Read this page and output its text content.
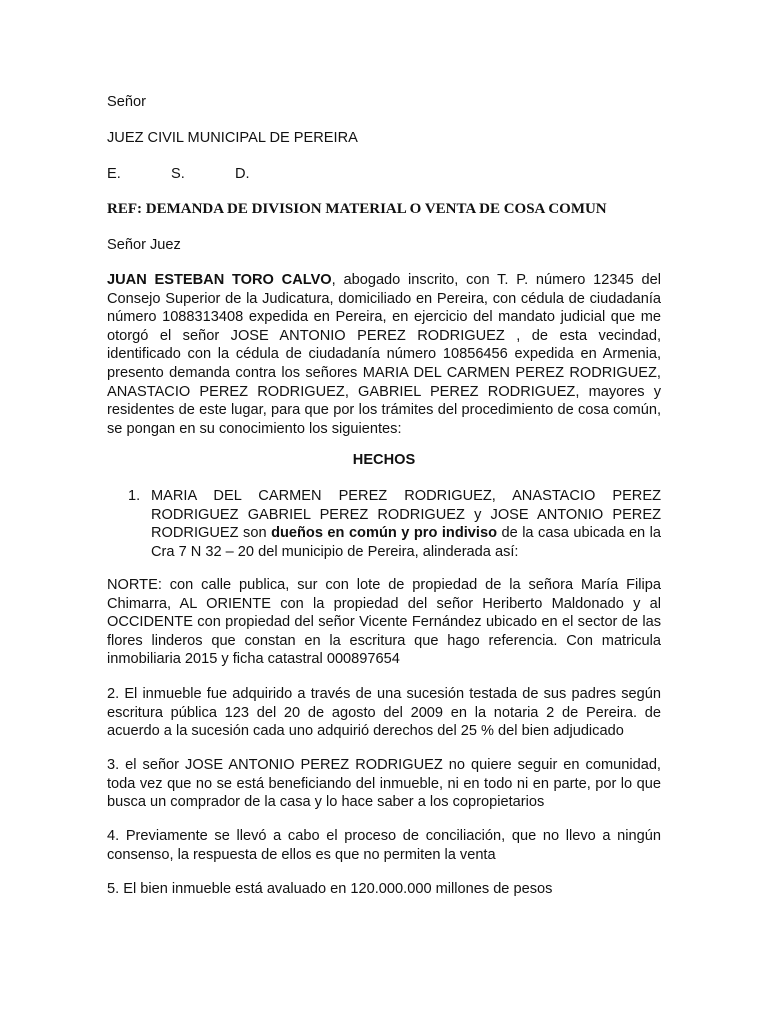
Señor
JUEZ CIVIL MUNICIPAL DE PEREIRA
E.	S.	D.
REF: DEMANDA DE DIVISION MATERIAL O VENTA DE COSA COMUN
Señor Juez
JUAN ESTEBAN TORO CALVO, abogado inscrito, con T. P. número 12345 del Consejo Superior de la Judicatura, domiciliado en Pereira, con cédula de ciudadanía número 1088313408 expedida en Pereira, en ejercicio del mandato judicial que me otorgó el señor JOSE ANTONIO PEREZ RODRIGUEZ , de esta vecindad, identificado con la cédula de ciudadanía número 10856456 expedida en Armenia, presento demanda contra los señores MARIA DEL CARMEN PEREZ RODRIGUEZ, ANASTACIO PEREZ RODRIGUEZ, GABRIEL PEREZ RODRIGUEZ, mayores y residentes de este lugar, para que por los trámites del procedimiento de cosa común, se pongan en su conocimiento los siguientes:
HECHOS
1. MARIA DEL CARMEN PEREZ RODRIGUEZ, ANASTACIO PEREZ RODRIGUEZ GABRIEL PEREZ RODRIGUEZ y JOSE ANTONIO PEREZ RODRIGUEZ son dueños en común y pro indiviso de la casa ubicada en la Cra 7 N 32 – 20 del municipio de Pereira, alinderada así:
NORTE: con calle publica, sur con lote de propiedad de la señora María Filipa Chimarra, AL ORIENTE con la propiedad del señor Heriberto Maldonado y al OCCIDENTE con propiedad del señor Vicente Fernández ubicado en el sector de las flores linderos que constan en la escritura que hago referencia. Con matricula inmobiliaria 2015 y ficha catastral 000897654
2. El inmueble fue adquirido a través de una sucesión testada de sus padres según escritura pública 123 del 20 de agosto del 2009 en la notaria 2 de Pereira. de acuerdo a la sucesión cada uno adquirió derechos del 25 % del bien adjudicado
3. el señor JOSE ANTONIO PEREZ RODRIGUEZ no quiere seguir en comunidad, toda vez que no se está beneficiando del inmueble, ni en todo ni en parte, por lo que busca un comprador de la casa y lo hace saber a los copropietarios
4. Previamente se llevó a cabo el proceso de conciliación, que no llevo a ningún consenso, la respuesta de ellos es que no permiten la venta
5. El bien inmueble está avaluado en 120.000.000 millones de pesos
